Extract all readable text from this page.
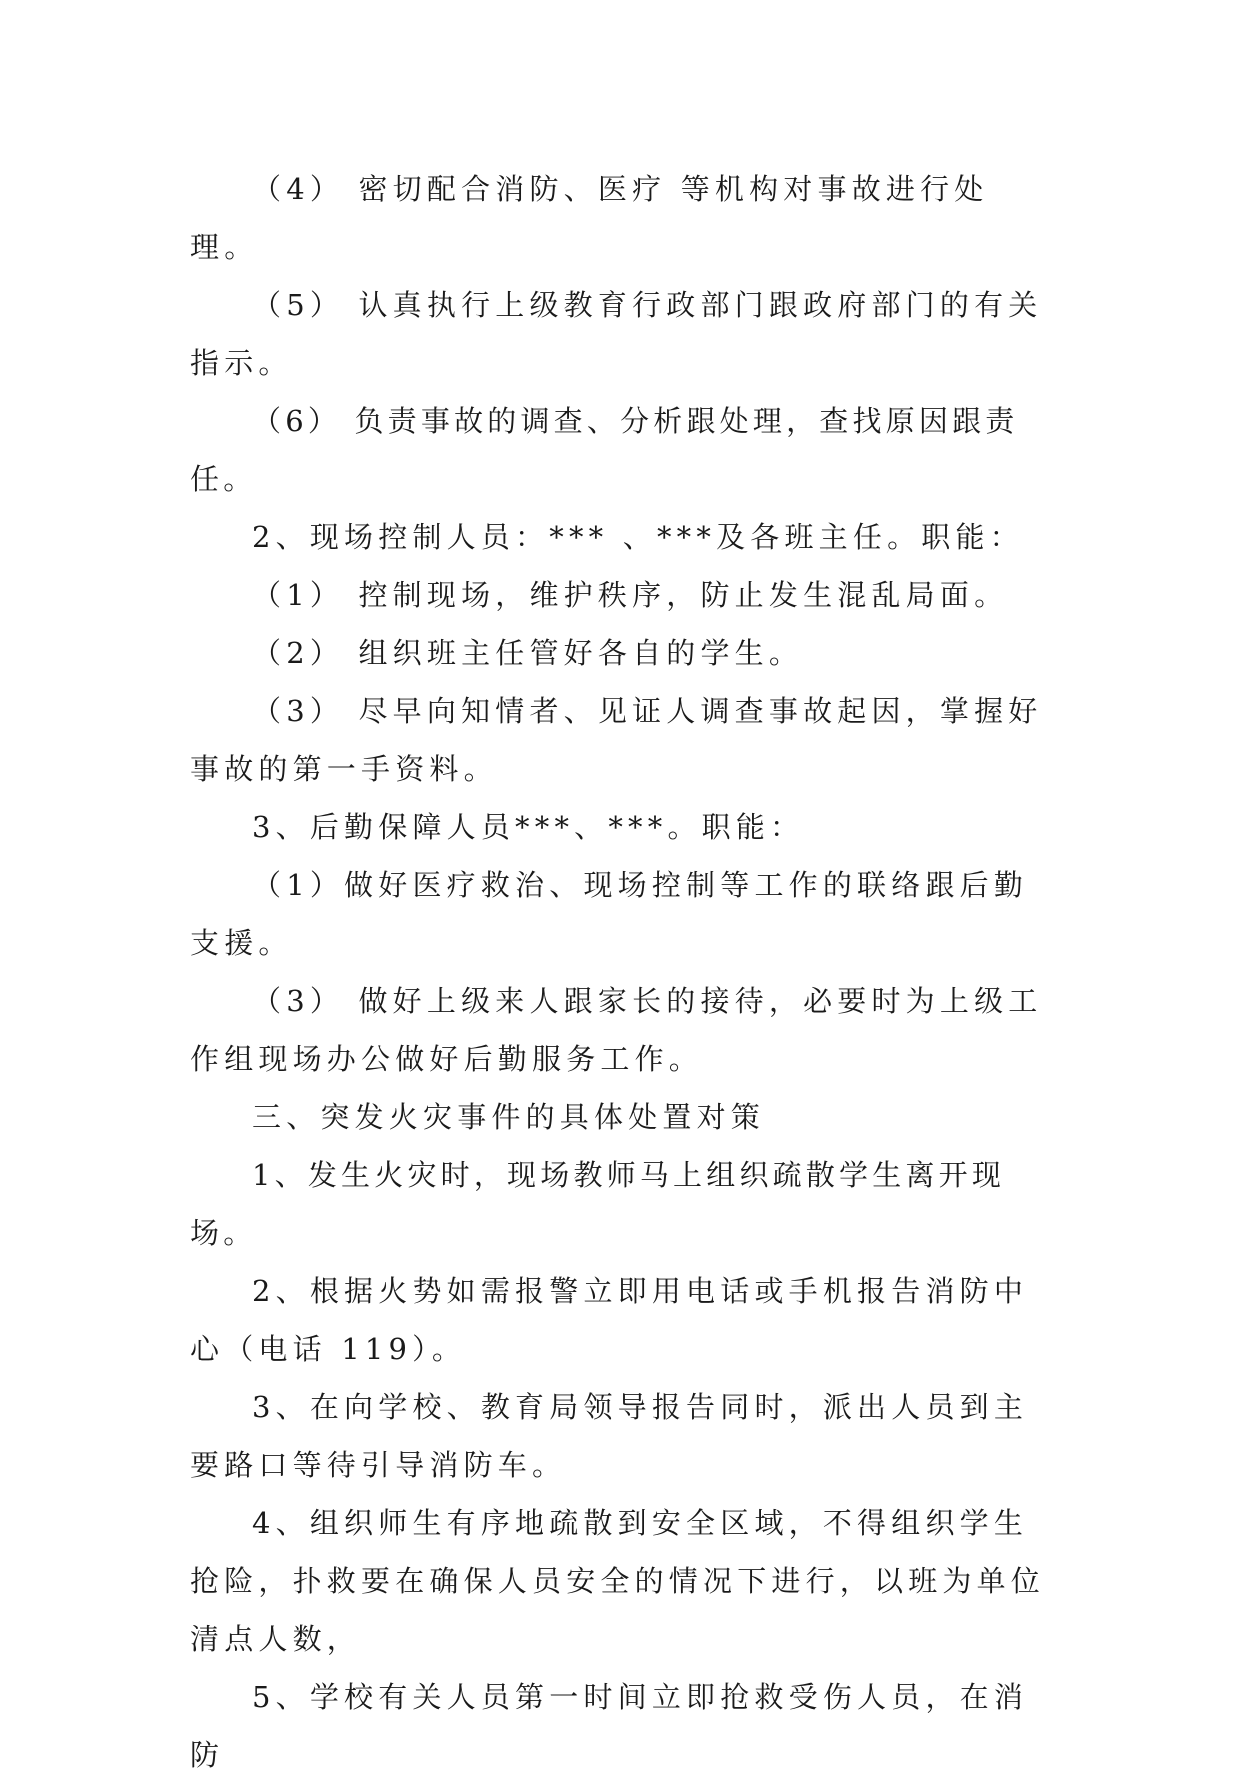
（4） 密切配合消防、医疗 等机构对事故进行处理。

（5） 认真执行上级教育行政部门跟政府部门的有关指示。

（6） 负责事故的调查、分析跟处理，查找原因跟责任。

2、现场控制人员：*** 、***及各班主任。职能：

（1） 控制现场，维护秩序，防止发生混乱局面。

（2） 组织班主任管好各自的学生。

（3） 尽早向知情者、见证人调查事故起因，掌握好事故的第一手资料。

3、后勤保障人员***、***。职能：

（1）做好医疗救治、现场控制等工作的联络跟后勤支援。

（3） 做好上级来人跟家长的接待，必要时为上级工作组现场办公做好后勤服务工作。

三、突发火灾事件的具体处置对策

1、发生火灾时，现场教师马上组织疏散学生离开现场。

2、根据火势如需报警立即用电话或手机报告消防中心（电话 119）。

3、在向学校、教育局领导报告同时，派出人员到主要路口等待引导消防车。

4、组织师生有序地疏散到安全区域，不得组织学生抢险，扑救要在确保人员安全的情况下进行，以班为单位清点人数，

5、学校有关人员第一时间立即抢救受伤人员，在消防
